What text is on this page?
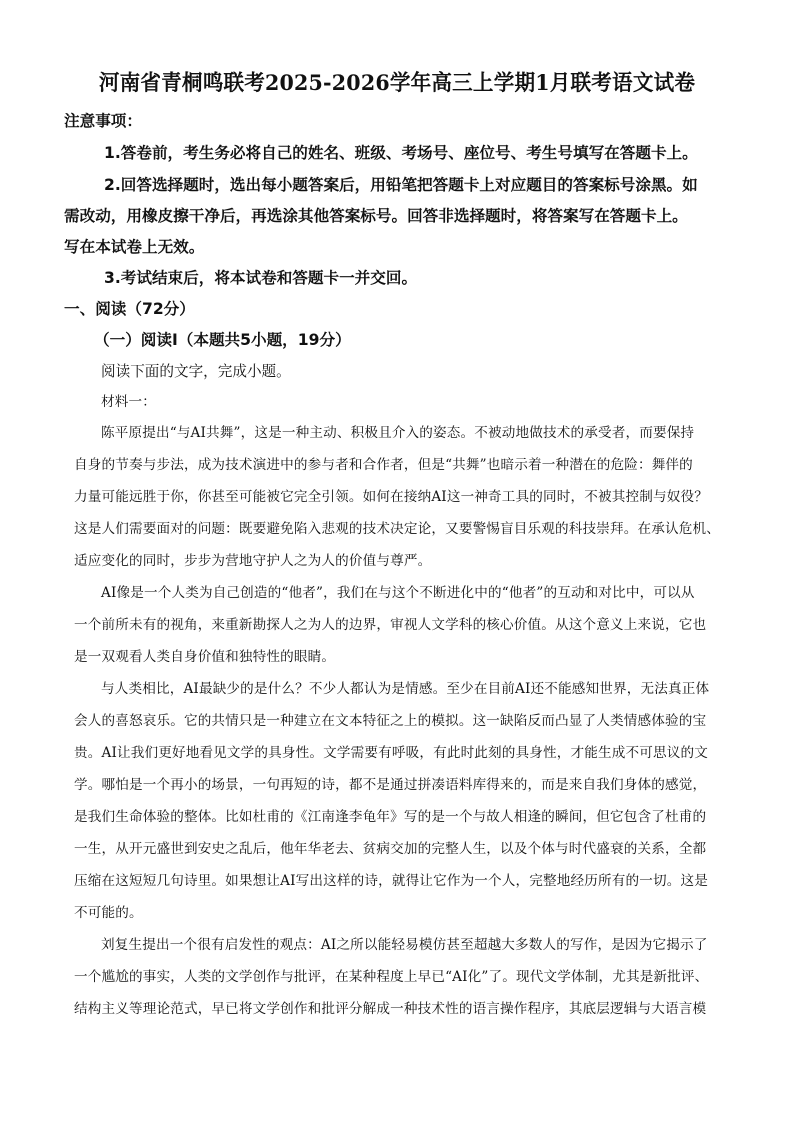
河南省青桐鸣联考2025-2026学年高三上学期1月联考语文试卷
注意事项：
1.答卷前，考生务必将自己的姓名、班级、考场号、座位号、考生号填写在答题卡上。
2.回答选择题时，选出每小题答案后，用铅笔把答题卡上对应题目的答案标号涂黑。如
需改动，用橡皮擦干净后，再选涂其他答案标号。回答非选择题时，将答案写在答题卡上。
写在本试卷上无效。
3.考试结束后，将本试卷和答题卡一并交回。
一、阅读（72分）
（一）阅读Ⅰ（本题共5小题，19分）
阅读下面的文字，完成小题。
材料一：
陈平原提出“与AI共舞”，这是一种主动、积极且介入的姿态。不被动地做技术的承受者，而要保持
自身的节奏与步法，成为技术演进中的参与者和合作者，但是“共舞”也暗示着一种潜在的危险：舞伴的
力量可能远胜于你，你甚至可能被它完全引领。如何在接纳AI这一神奇工具的同时，不被其控制与奴役？
这是人们需要面对的问题：既要避免陷入悲观的技术决定论，又要警惕盲目乐观的科技崇拜。在承认危机、
适应变化的同时，步步为营地守护人之为人的价值与尊严。
AI像是一个人类为自己创造的“他者”，我们在与这个不断进化中的“他者”的互动和对比中，可以从
一个前所未有的视角，来重新勘探人之为人的边界，审视人文学科的核心价值。从这个意义上来说，它也
是一双观看人类自身价值和独特性的眼睛。
与人类相比，AI最缺少的是什么？不少人都认为是情感。至少在目前AI还不能感知世界，无法真正体
会人的喜怒哀乐。它的共情只是一种建立在文本特征之上的模拟。这一缺陷反而凸显了人类情感体验的宝
贵。AI让我们更好地看见文学的具身性。文学需要有呼吸，有此时此刻的具身性，才能生成不可思议的文
学。哪怕是一个再小的场景，一句再短的诗，都不是通过拼凑语料库得来的，而是来自我们身体的感觉，
是我们生命体验的整体。比如杜甫的《江南逢李龟年》写的是一个与故人相逢的瞬间，但它包含了杜甫的
一生，从开元盛世到安史之乱后，他年华老去、贫病交加的完整人生，以及个体与时代盛衰的关系，全都
压缩在这短短几句诗里。如果想让AI写出这样的诗，就得让它作为一个人，完整地经历所有的一切。这是
不可能的。
刘复生提出一个很有启发性的观点：AI之所以能轻易模仿甚至超越大多数人的写作，是因为它揭示了
一个尴尬的事实，人类的文学创作与批评，在某种程度上早已“AI化”了。现代文学体制，尤其是新批评、
结构主义等理论范式，早已将文学创作和批评分解成一种技术性的语言操作程序，其底层逻辑与大语言模
